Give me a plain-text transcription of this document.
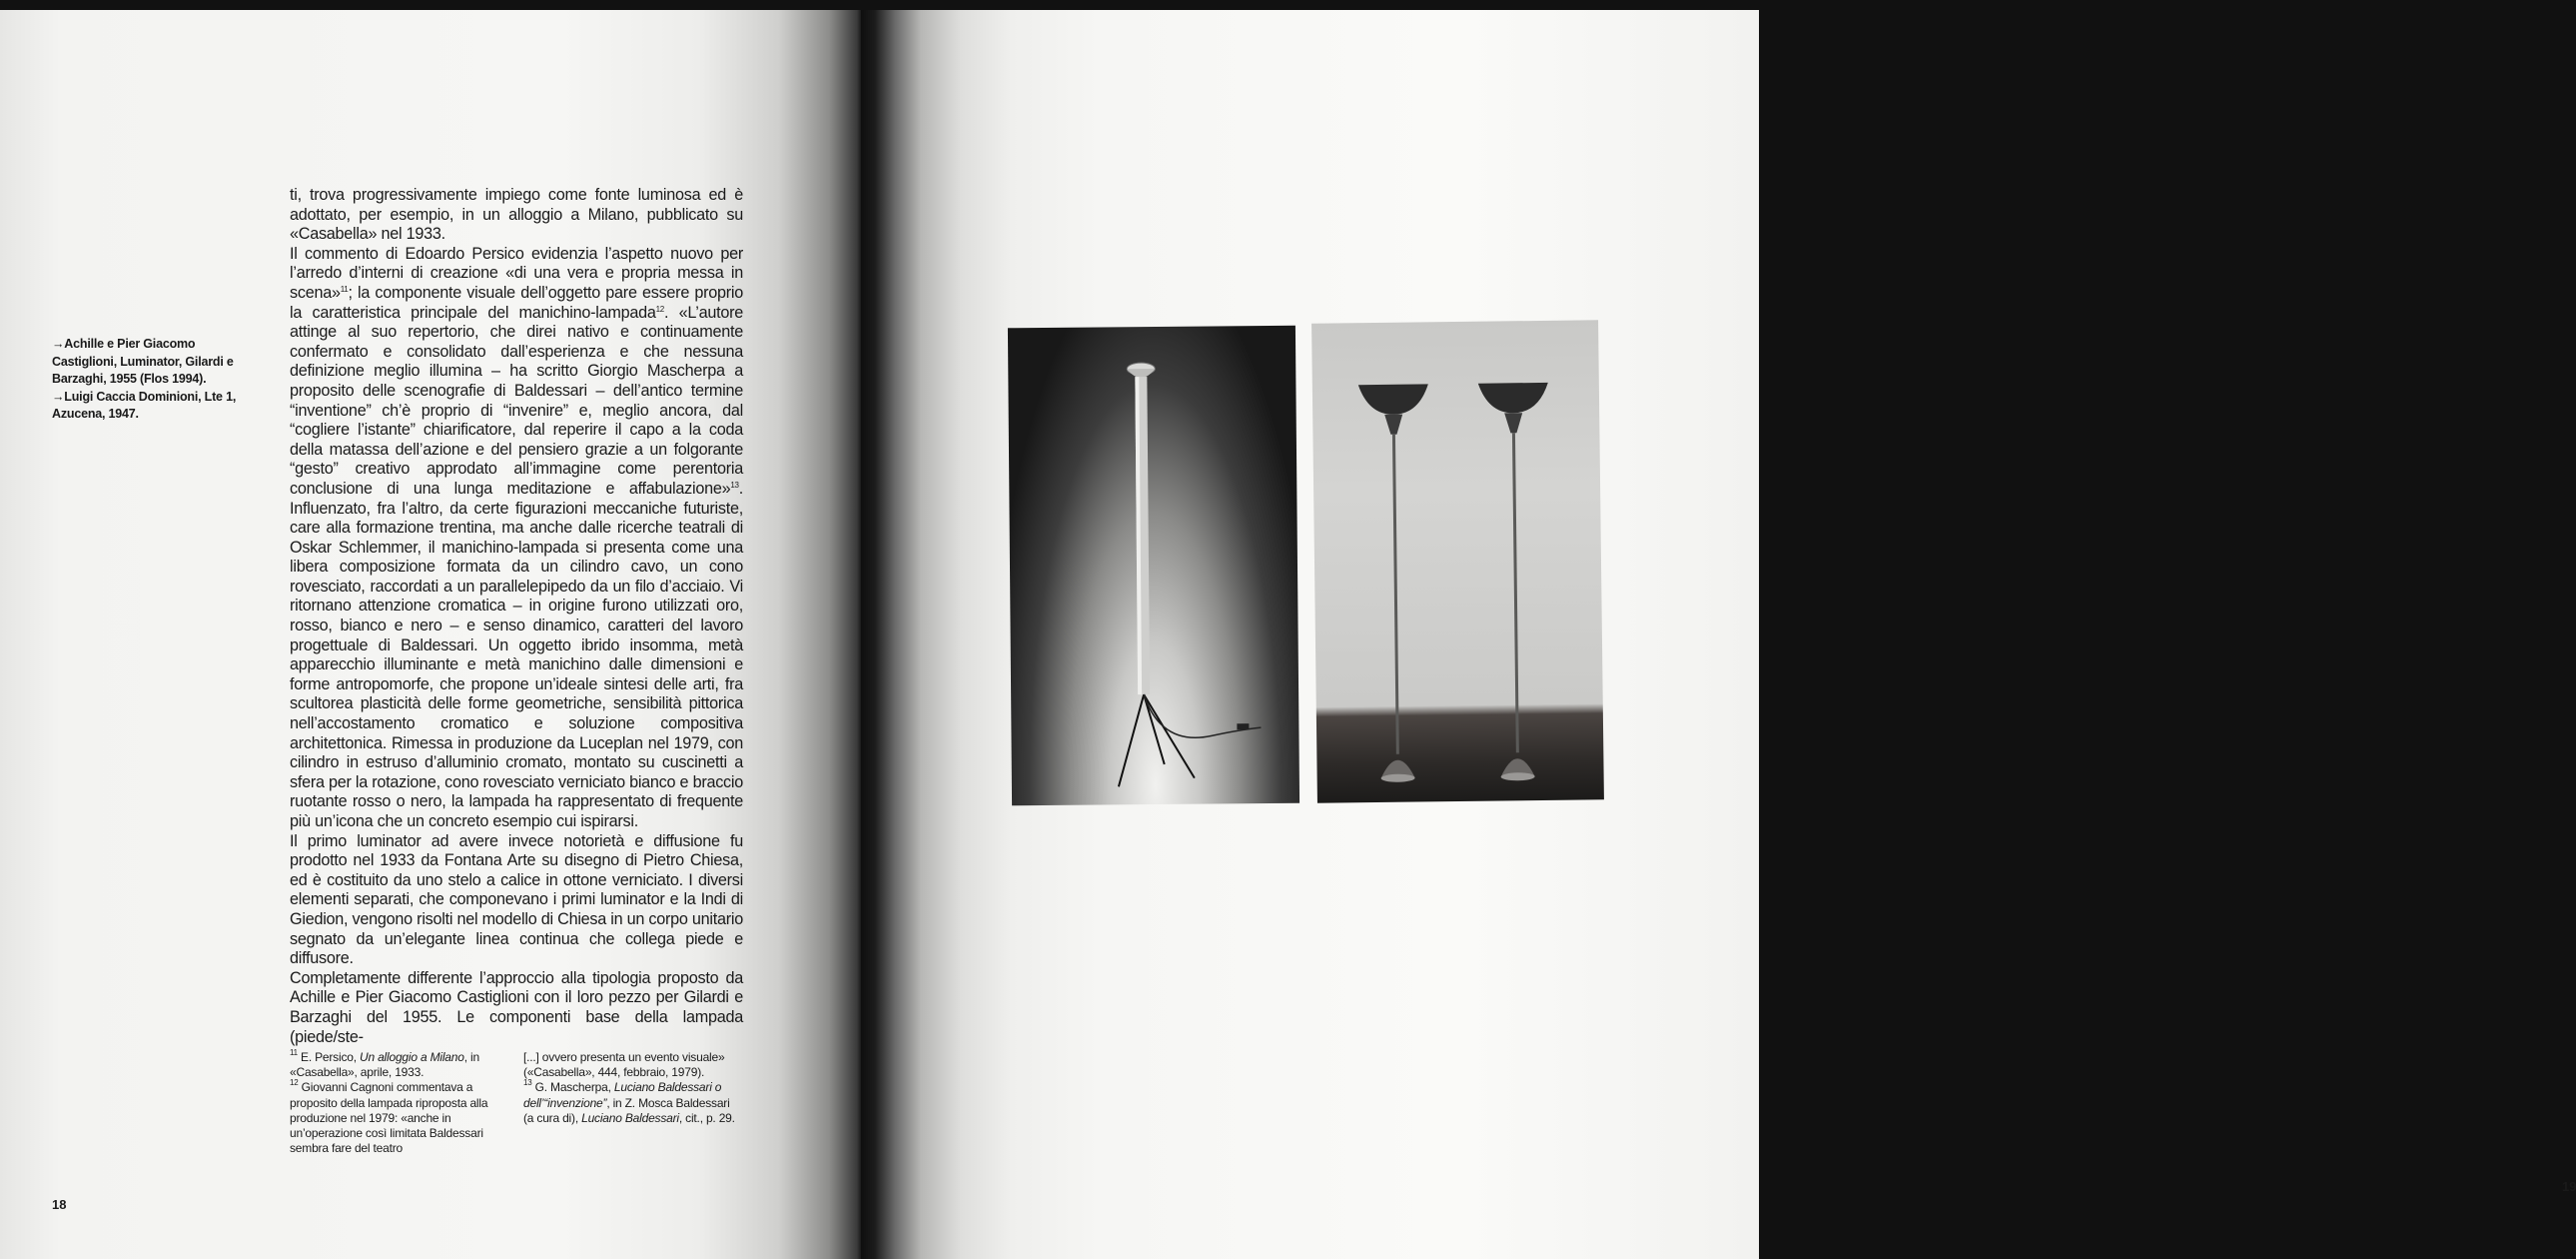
→Achille e Pier Giacomo Castiglioni, Luminator, Gilardi e Barzaghi, 1955 (Flos 1994).

→Luigi Caccia Dominioni, Lte 1, Azucena, 1947.

ti, trova progressivamente impiego come fonte luminosa ed è adottato, per esempio, in un alloggio a Milano, pubblicato su «Casabella» nel 1933.

Il commento di Edoardo Persico evidenzia l’aspetto nuovo per l’arredo d’interni di creazione «di una vera e propria messa in scena»$^{11}$; la componente visuale dell’oggetto pare essere proprio la caratteristica principale del manichino-lampada$^{12}$. «L’autore attinge al suo repertorio, che direi nativo e continuamente confermato e consolidato dall’esperienza e che nessuna definizione meglio illumina – ha scritto Giorgio Mascherpa a proposito delle scenografie di Baldessari – dell’antico termine “inventione” ch’è proprio di “invenire” e, meglio ancora, dal “cogliere l’istante” chiarificatore, dal reperire il capo a la coda della matassa dell’azione e del pensiero grazie a un folgorante “gesto” creativo approdato all’immagine come perentoria conclusione di una lunga meditazione e affabulazione»$^{13}$. Influenzato, fra l’altro, da certe figurazioni meccaniche futuriste, care alla formazione trentina, ma anche dalle ricerche teatrali di Oskar Schlemmer, il manichino-lampada si presenta come una libera composizione formata da un cilindro cavo, un cono rovesciato, raccordati a un parallelepipedo da un filo d’acciaio. Vi ritornano attenzione cromatica – in origine furono utilizzati oro, rosso, bianco e nero – e senso dinamico, caratteri del lavoro progettuale di Baldessari. Un oggetto ibrido insomma, metà apparecchio illuminante e metà manichino dalle dimensioni e forme antropomorfe, che propone un’ideale sintesi delle arti, fra scultorea plasticità delle forme geometriche, sensibilità pittorica nell’accostamento cromatico e soluzione compositiva architettonica. Rimessa in produzione da Luceplan nel 1979, con cilindro in estruso d’alluminio cromato, montato su cuscinetti a sfera per la rotazione, cono rovesciato verniciato bianco e braccio ruotante rosso o nero, la lampada ha rappresentato di frequente più un’icona che un concreto esempio cui ispirarsi.

Il primo luminator ad avere invece notorietà e diffusione fu prodotto nel 1933 da Fontana Arte su disegno di Pietro Chiesa, ed è costituito da uno stelo a calice in ottone verniciato. I diversi elementi separati, che componevano i primi luminator e la Indi di Giedion, vengono risolti nel modello di Chiesa in un corpo unitario segnato da un’elegante linea continua che collega piede e diffusore.

Completamente differente l’approccio alla tipologia proposto da Achille e Pier Giacomo Castiglioni con il loro pezzo per Gilardi e Barzaghi del 1955. Le componenti base della lampada (piede/ste-

$^{11}$ E. Persico, Un alloggio a Milano, in «Casabella», aprile, 1933.

$^{12}$ Giovanni Cagnoni commentava a proposito della lampada riproposta alla produzione nel 1979: «anche in un’operazione così limitata Baldessari sembra fare del teatro

[...] ovvero presenta un evento visuale» («Casabella», 444, febbraio, 1979).

$^{13}$ G. Mascherpa, Luciano Baldessari o dell’“invenzione”, in Z. Mosca Baldessari (a cura di), Luciano Baldessari, cit., p. 29.

18
19
